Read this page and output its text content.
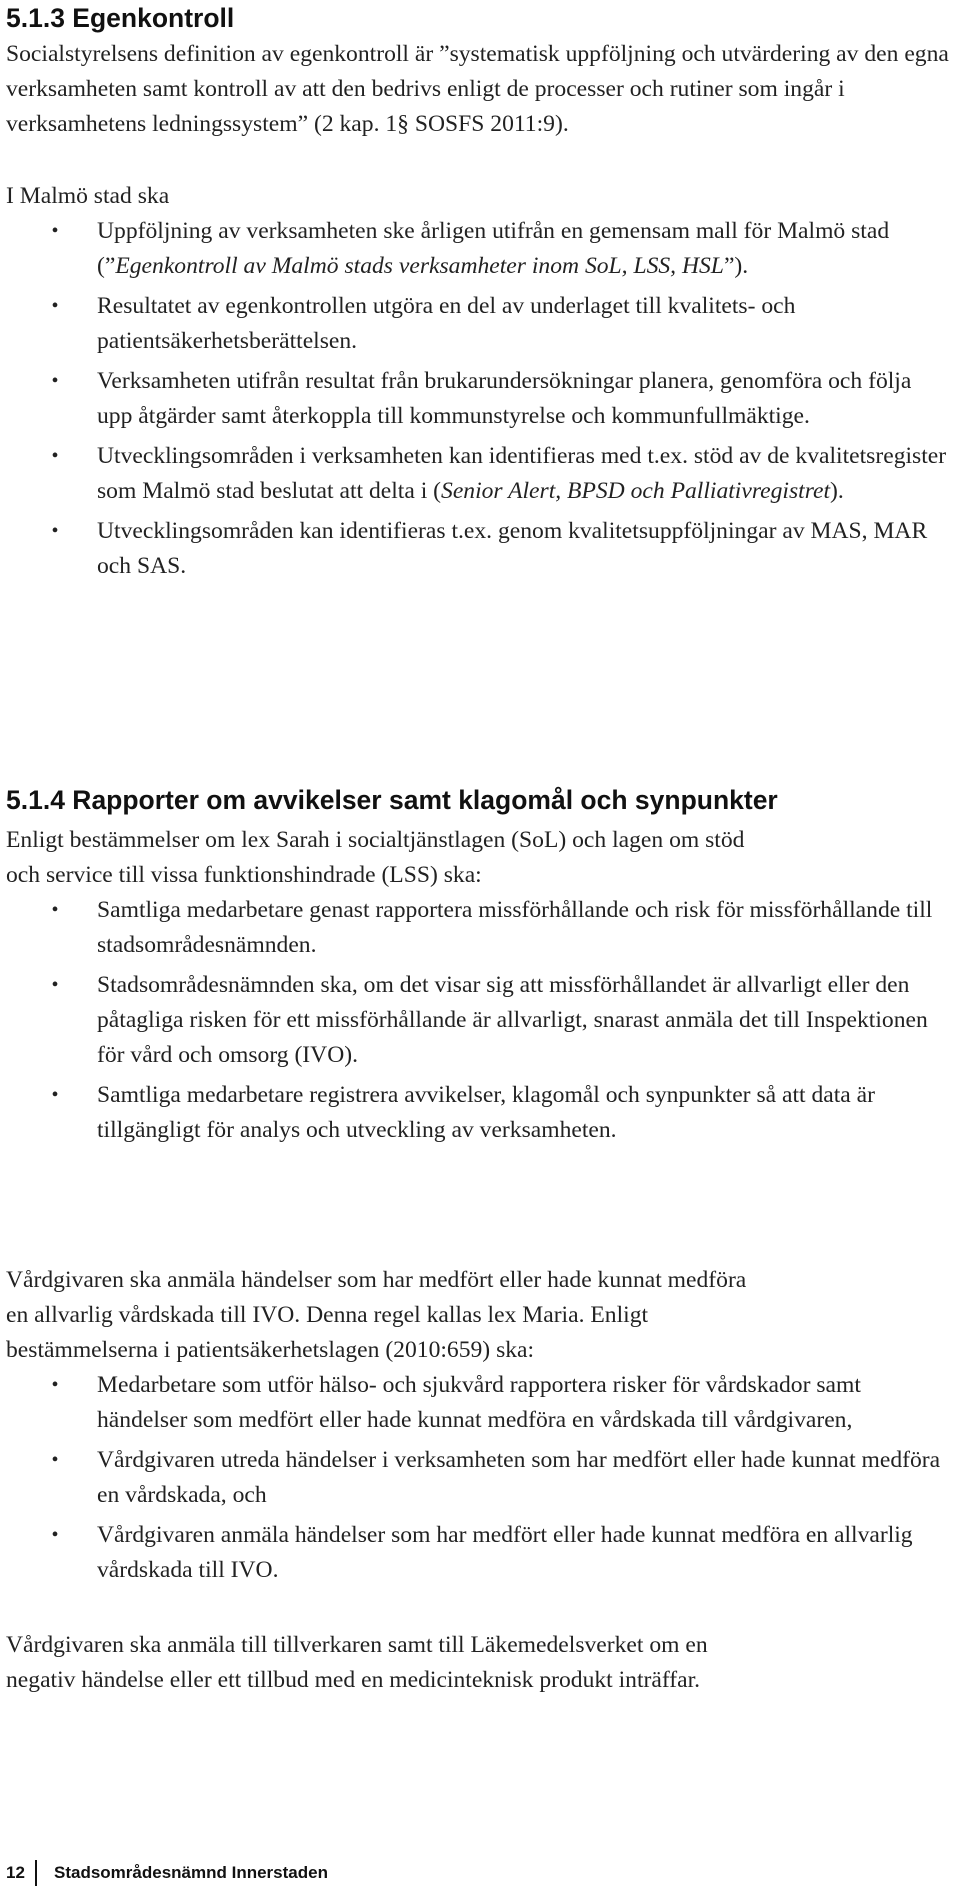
5.1.3 Egenkontroll

Socialstyrelsens definition av egenkontroll är ”systematisk uppföljning och utvärdering av den egna verksamheten samt kontroll av att den bedrivs enligt de processer och rutiner som ingår i verksamhetens ledningssystem” (2 kap. 1§ SOSFS 2011:9).

I Malmö stad ska

• Uppföljning av verksamheten ske årligen utifrån en gemensam mall för Malmö stad (”Egenkontroll av Malmö stads verksamheter inom SoL, LSS, HSL”).
• Resultatet av egenkontrollen utgöra en del av underlaget till kvalitets- och patientsäkerhetsberättelsen.
• Verksamheten utifrån resultat från brukarundersökningar planera, genomföra och följa upp åtgärder samt återkoppla till kommunstyrelse och kommunfullmäktige.
• Utvecklingsområden i verksamheten kan identifieras med t.ex. stöd av de kvalitetsregister som Malmö stad beslutat att delta i (Senior Alert, BPSD och Palliativregistret).
• Utvecklingsområden kan identifieras t.ex. genom kvalitetsuppföljningar av MAS, MAR och SAS.
5.1.4 Rapporter om avvikelser samt klagomål och synpunkter

Enligt bestämmelser om lex Sarah i socialtjänstlagen (SoL) och lagen om stöd
och service till vissa funktionshindrade (LSS) ska:

• Samtliga medarbetare genast rapportera missförhållande och risk för missförhållande till stadsområdesnämnden.
• Stadsområdesnämnden ska, om det visar sig att missförhållandet är allvarligt eller den påtagliga risken för ett missförhållande är allvarligt, snarast anmäla det till Inspektionen för vård och omsorg (IVO).
• Samtliga medarbetare registrera avvikelser, klagomål och synpunkter så att data är tillgängligt för analys och utveckling av verksamheten.

Vårdgivaren ska anmäla händelser som har medfört eller hade kunnat medföra
en allvarlig vårdskada till IVO. Denna regel kallas lex Maria. Enligt
bestämmelserna i patientsäkerhetslagen (2010:659) ska:

• Medarbetare som utför hälso- och sjukvård rapportera risker för vårdskador samt händelser som medfört eller hade kunnat medföra en vårdskada till vårdgivaren,
• Vårdgivaren utreda händelser i verksamheten som har medfört eller hade kunnat medföra en vårdskada, och
• Vårdgivaren anmäla händelser som har medfört eller hade kunnat medföra en allvarlig vårdskada till IVO.

Vårdgivaren ska anmäla till tillverkaren samt till Läkemedelsverket om en
negativ händelse eller ett tillbud med en medicinteknisk produkt inträffar.

12 Stadsområdesnämnd Innerstaden
